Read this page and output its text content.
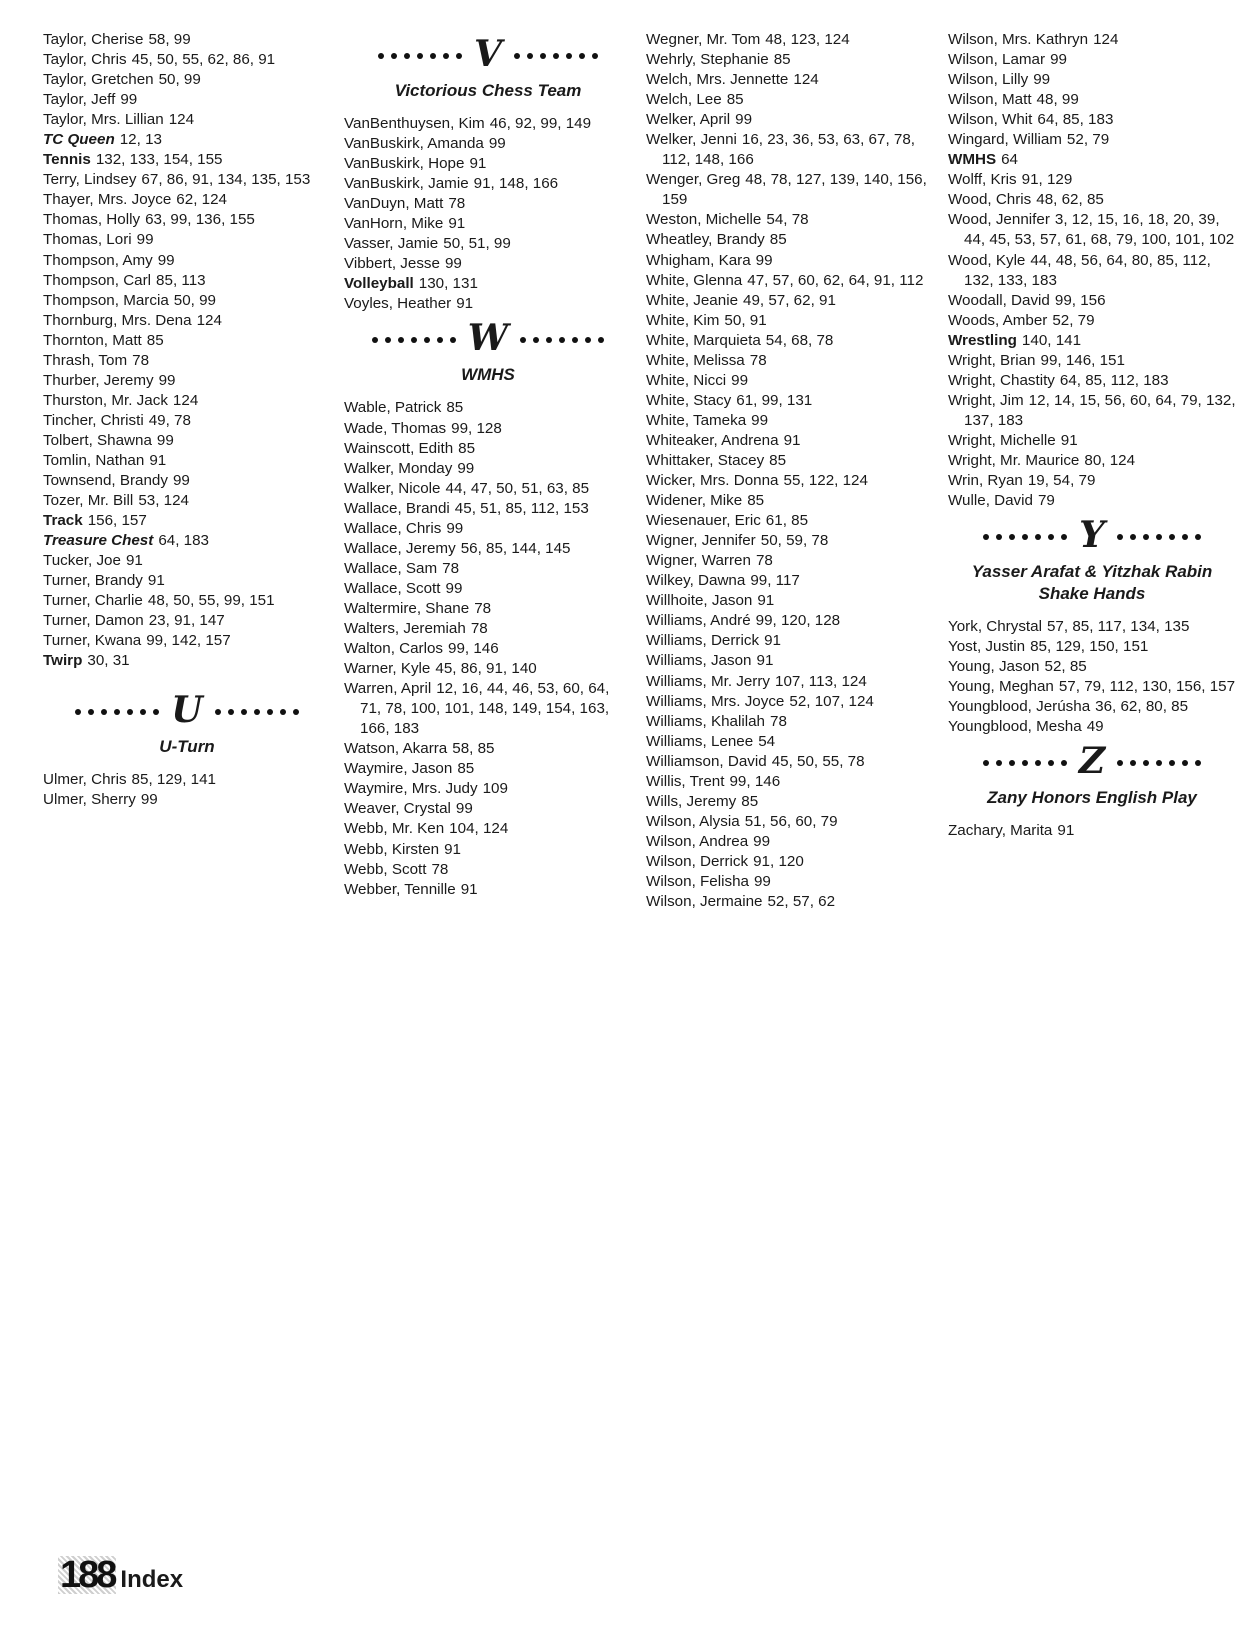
Taylor, Cherise 58, 99
Taylor, Chris 45, 50, 55, 62, 86, 91
Taylor, Gretchen 50, 99
Taylor, Jeff 99
Taylor, Mrs. Lillian 124
TC Queen 12, 13
Tennis 132, 133, 154, 155
Terry, Lindsey 67, 86, 91, 134, 135, 153
Thayer, Mrs. Joyce 62, 124
Thomas, Holly 63, 99, 136, 155
Thomas, Lori 99
Thompson, Amy 99
Thompson, Carl 85, 113
Thompson, Marcia 50, 99
Thornburg, Mrs. Dena 124
Thornton, Matt 85
Thrash, Tom 78
Thurber, Jeremy 99
Thurston, Mr. Jack 124
Tincher, Christi 49, 78
Tolbert, Shawna 99
Tomlin, Nathan 91
Townsend, Brandy 99
Tozer, Mr. Bill 53, 124
Track 156, 157
Treasure Chest 64, 183
Tucker, Joe 91
Turner, Brandy 91
Turner, Charlie 48, 50, 55, 99, 151
Turner, Damon 23, 91, 147
Turner, Kwana 99, 142, 157
Twirp 30, 31
U
U-Turn
Ulmer, Chris 85, 129, 141
Ulmer, Sherry 99
V
Victorious Chess Team
VanBenthuysen, Kim 46, 92, 99, 149
VanBuskirk, Amanda 99
VanBuskirk, Hope 91
VanBuskirk, Jamie 91, 148, 166
VanDuyn, Matt 78
VanHorn, Mike 91
Vasser, Jamie 50, 51, 99
Vibbert, Jesse 99
Volleyball 130, 131
Voyles, Heather 91
W
WMHS
Wable, Patrick 85
Wade, Thomas 99, 128
Wainscott, Edith 85
Walker, Monday 99
Walker, Nicole 44, 47, 50, 51, 63, 85
Wallace, Brandi 45, 51, 85, 112, 153
Wallace, Chris 99
Wallace, Jeremy 56, 85, 144, 145
Wallace, Sam 78
Wallace, Scott 99
Waltermire, Shane 78
Walters, Jeremiah 78
Walton, Carlos 99, 146
Warner, Kyle 45, 86, 91, 140
Warren, April 12, 16, 44, 46, 53, 60, 64, 71, 78, 100, 101, 148, 149, 154, 163, 166, 183
Watson, Akarra 58, 85
Waymire, Jason 85
Waymire, Mrs. Judy 109
Weaver, Crystal 99
Webb, Mr. Ken 104, 124
Webb, Kirsten 91
Webb, Scott 78
Webber, Tennille 91
Wegner, Mr. Tom 48, 123, 124
Wehrly, Stephanie 85
Welch, Mrs. Jennette 124
Welch, Lee 85
Welker, April 99
Welker, Jenni 16, 23, 36, 53, 63, 67, 78, 112, 148, 166
Wenger, Greg 48, 78, 127, 139, 140, 156, 159
Weston, Michelle 54, 78
Wheatley, Brandy 85
Whigham, Kara 99
White, Glenna 47, 57, 60, 62, 64, 91, 112
White, Jeanie 49, 57, 62, 91
White, Kim 50, 91
White, Marquieta 54, 68, 78
White, Melissa 78
White, Nicci 99
White, Stacy 61, 99, 131
White, Tameka 99
Whiteaker, Andrena 91
Whittaker, Stacey 85
Wicker, Mrs. Donna 55, 122, 124
Widener, Mike 85
Wiesenauer, Eric 61, 85
Wigner, Jennifer 50, 59, 78
Wigner, Warren 78
Wilkey, Dawna 99, 117
Willhoite, Jason 91
Williams, André 99, 120, 128
Williams, Derrick 91
Williams, Jason 91
Williams, Mr. Jerry 107, 113, 124
Williams, Mrs. Joyce 52, 107, 124
Williams, Khalilah 78
Williams, Lenee 54
Williamson, David 45, 50, 55, 78
Willis, Trent 99, 146
Wills, Jeremy 85
Wilson, Alysia 51, 56, 60, 79
Wilson, Andrea 99
Wilson, Derrick 91, 120
Wilson, Felisha 99
Wilson, Jermaine 52, 57, 62
Wilson, Mrs. Kathryn 124
Wilson, Lamar 99
Wilson, Lilly 99
Wilson, Matt 48, 99
Wilson, Whit 64, 85, 183
Wingard, William 52, 79
WMHS 64
Wolff, Kris 91, 129
Wood, Chris 48, 62, 85
Wood, Jennifer 3, 12, 15, 16, 18, 20, 39, 44, 45, 53, 57, 61, 68, 79, 100, 101, 102
Wood, Kyle 44, 48, 56, 64, 80, 85, 112, 132, 133, 183
Woodall, David 99, 156
Woods, Amber 52, 79
Wrestling 140, 141
Wright, Brian 99, 146, 151
Wright, Chastity 64, 85, 112, 183
Wright, Jim 12, 14, 15, 56, 60, 64, 79, 132, 137, 183
Wright, Michelle 91
Wright, Mr. Maurice 80, 124
Wrin, Ryan 19, 54, 79
Wulle, David 79
Y
Yasser Arafat & Yitzhak Rabin
Shake Hands
York, Chrystal 57, 85, 117, 134, 135
Yost, Justin 85, 129, 150, 151
Young, Jason 52, 85
Young, Meghan 57, 79, 112, 130, 156, 157
Youngblood, Jerúsha 36, 62, 80, 85
Youngblood, Mesha 49
Z
Zany Honors English Play
Zachary, Marita 91
188 Index
